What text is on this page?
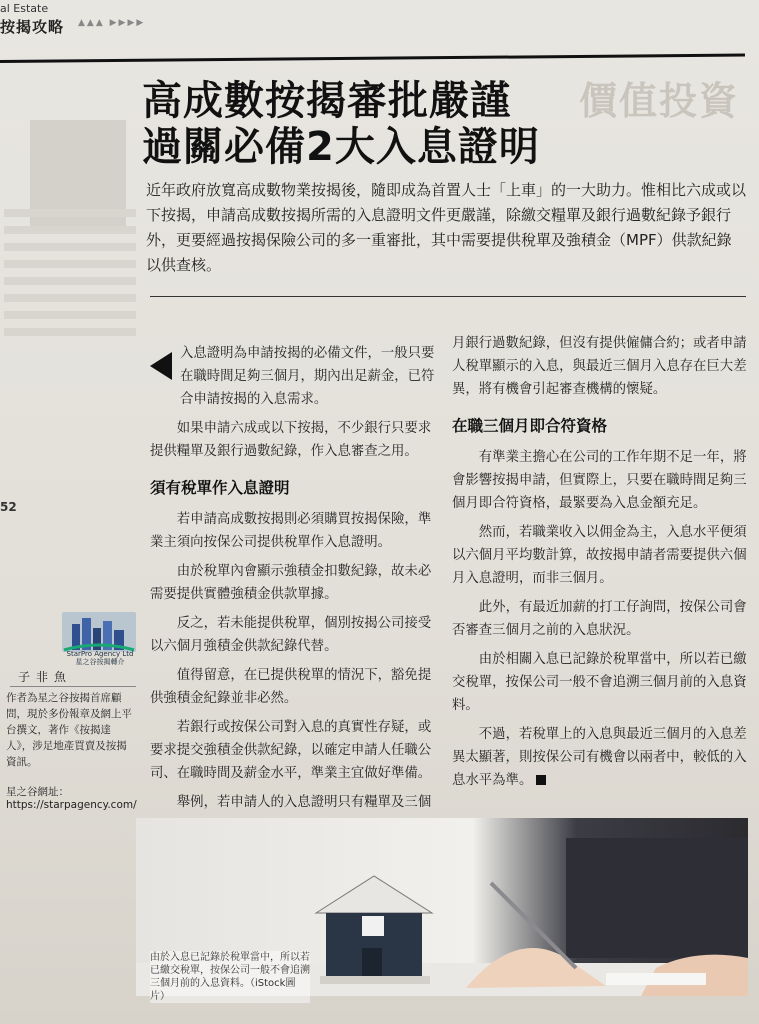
al Estate
按揭攻略 ▲▲▲ ▶▶▶▶
價值投資
高成數按揭審批嚴謹
過關必備2大入息證明
近年政府放寬高成數物業按揭後，隨即成為首置人士「上車」的一大助力。惟相比六成或以下按揭，申請高成數按揭所需的入息證明文件更嚴謹，除繳交糧單及銀行過數紀錄予銀行外，更要經過按揭保險公司的多一重審批，其中需要提供稅單及強積金（MPF）供款紀錄以供查核。

入息證明為申請按揭的必備文件，一般只要在職時間足夠三個月，期內出足薪金，已符合申請按揭的入息需求。

如果申請六成或以下按揭，不少銀行只要求提供糧單及銀行過數紀錄，作入息審查之用。

須有稅單作入息證明

若申請高成數按揭則必須購買按揭保險，準業主須向按保公司提供稅單作入息證明。

由於稅單內會顯示強積金扣數紀錄，故未必需要提供實體強積金供款單據。

反之，若未能提供稅單，個別按揭公司接受以六個月強積金供款紀錄代替。

值得留意，在已提供稅單的情況下，豁免提供強積金紀錄並非必然。

若銀行或按保公司對入息的真實性存疑，或要求提交強積金供款紀錄，以確定申請人任職公司、在職時間及薪金水平，準業主宜做好準備。

舉例，若申請人的入息證明只有糧單及三個

月銀行過數紀錄，但沒有提供僱傭合約；或者申請人稅單顯示的入息，與最近三個月入息存在巨大差異，將有機會引起審查機構的懷疑。

在職三個月即合符資格

有準業主擔心在公司的工作年期不足一年，將會影響按揭申請，但實際上，只要在職時間足夠三個月即合符資格，最緊要為入息金額充足。

然而，若職業收入以佣金為主，入息水平便須以六個月平均數計算，故按揭申請者需要提供六個月入息證明，而非三個月。

此外，有最近加薪的打工仔詢問，按保公司會否審查三個月之前的入息狀況。

由於相關入息已記錄於稅單當中，所以若已繳交稅單，按保公司一般不會追溯三個月前的入息資料。

不過，若稅單上的入息與最近三個月的入息差異太顯著，則按保公司有機會以兩者中，較低的入息水平為準。

52
StarPro Agency Ltd
星之谷按揭轉介
子非魚
作者為星之谷按揭首席顧問，現於多份報章及網上平台撰文，著作《按揭達人》，涉足地產買賣及按揭資訊。
星之谷網址：
https://starpagency.com/
由於入息已記錄於稅單當中，所以若已繳交稅單，按保公司一般不會追溯三個月前的入息資料。（iStock圖片）
